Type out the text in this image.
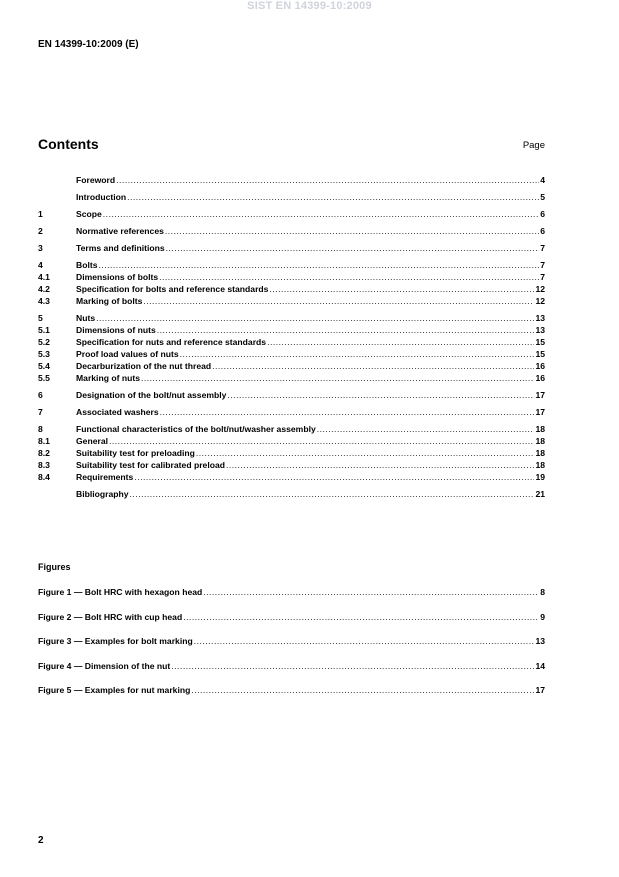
SIST EN 14399-10:2009
EN 14399-10:2009 (E)
Contents	Page
Foreword .....	4
Introduction .....	5
1	Scope .....	6
2	Normative references .....	6
3	Terms and definitions .....	7
4	Bolts .....	7
4.1	Dimensions of bolts .....	7
4.2	Specification for bolts and reference standards .....	12
4.3	Marking of bolts .....	12
5	Nuts .....	13
5.1	Dimensions of nuts .....	13
5.2	Specification for nuts and reference standards .....	15
5.3	Proof load values of nuts .....	15
5.4	Decarburization of the nut thread .....	16
5.5	Marking of nuts .....	16
6	Designation of the bolt/nut assembly .....	17
7	Associated washers .....	17
8	Functional characteristics of the bolt/nut/washer assembly .....	18
8.1	General .....	18
8.2	Suitability test for preloading .....	18
8.3	Suitability test for calibrated preload .....	18
8.4	Requirements .....	19
Bibliography .....	21
Figures
Figure 1 — Bolt HRC with hexagon head .....	8
Figure 2 — Bolt HRC with cup head .....	9
Figure 3 — Examples for bolt marking .....	13
Figure 4 — Dimension of the nut .....	14
Figure 5 — Examples for nut marking .....	17
2
